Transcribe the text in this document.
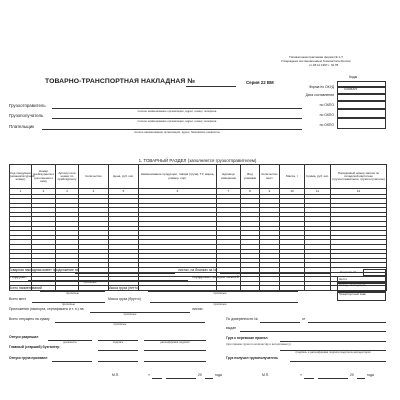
Типовая межотраслевая форма № 1-Т
Утверждена постановлением Госкомстата России
от 28.11.1997 г. № 78
ТОВАРНО-ТРАНСПОРТНАЯ НАКЛАДНАЯ №	Серия 22 ВМ
Коды
Форма по ОКУД	0345009
Дата составления
Грузоотправитель
полное наименование организации, адрес, номер телефона
по ОКПО
Грузополучатель
полное наименование организации, адрес, номер телефона
по ОКПО
Плательщик
полное наименование организации, адрес, банковские реквизиты
по ОКПО
1. ТОВАРНЫЙ РАЗДЕЛ (заполняется грузоотправителем)
Код продукции (номенклатурный номер)	Номер прейскуранта и дополнения к нему	Артикул или номер по прейскуранту	Количество	Цена, руб. коп.	Наименование продукции, товара (груза), ТУ, марка, размер, сорт	Единица измерения	Вид упаковки	Количество мест	Масса, т	Сумма, руб. коп.	Порядковый номер записи по складской картотеке (грузоотправителю, грузополучателю)
1	2	3	4	5	6	7	8	9	10	11	12

Наценка, %
Нетто
Склад, экспедиция
Транспортный знак
Товарная накладная имеет продолжение на	листах, на бланках за №
и содержит	порядковых номеров записей
прописью
Всего наименований	Масса груза (нетто)
прописью	прописью
Всего мест	Масса груза (брутто)
прописью	прописью
Приложения (паспорта, сертификаты и т. п.) на	листах
прописью
Всего отпущено на сумму
прописью
Отпуск разрешил
должность	подпись	расшифровка подписи
Главный (старший) бухгалтер
Отпуск груза произвел
М.П.	«	20	года
По доверенности №	от
выдан
Груз к перевозке принял
(при приеме груза по количеству и ассортименту)
(подпись и расшифровка подписи водителя-экспедитора)
Груз получил грузополучатель
М.П.	«	20	года
